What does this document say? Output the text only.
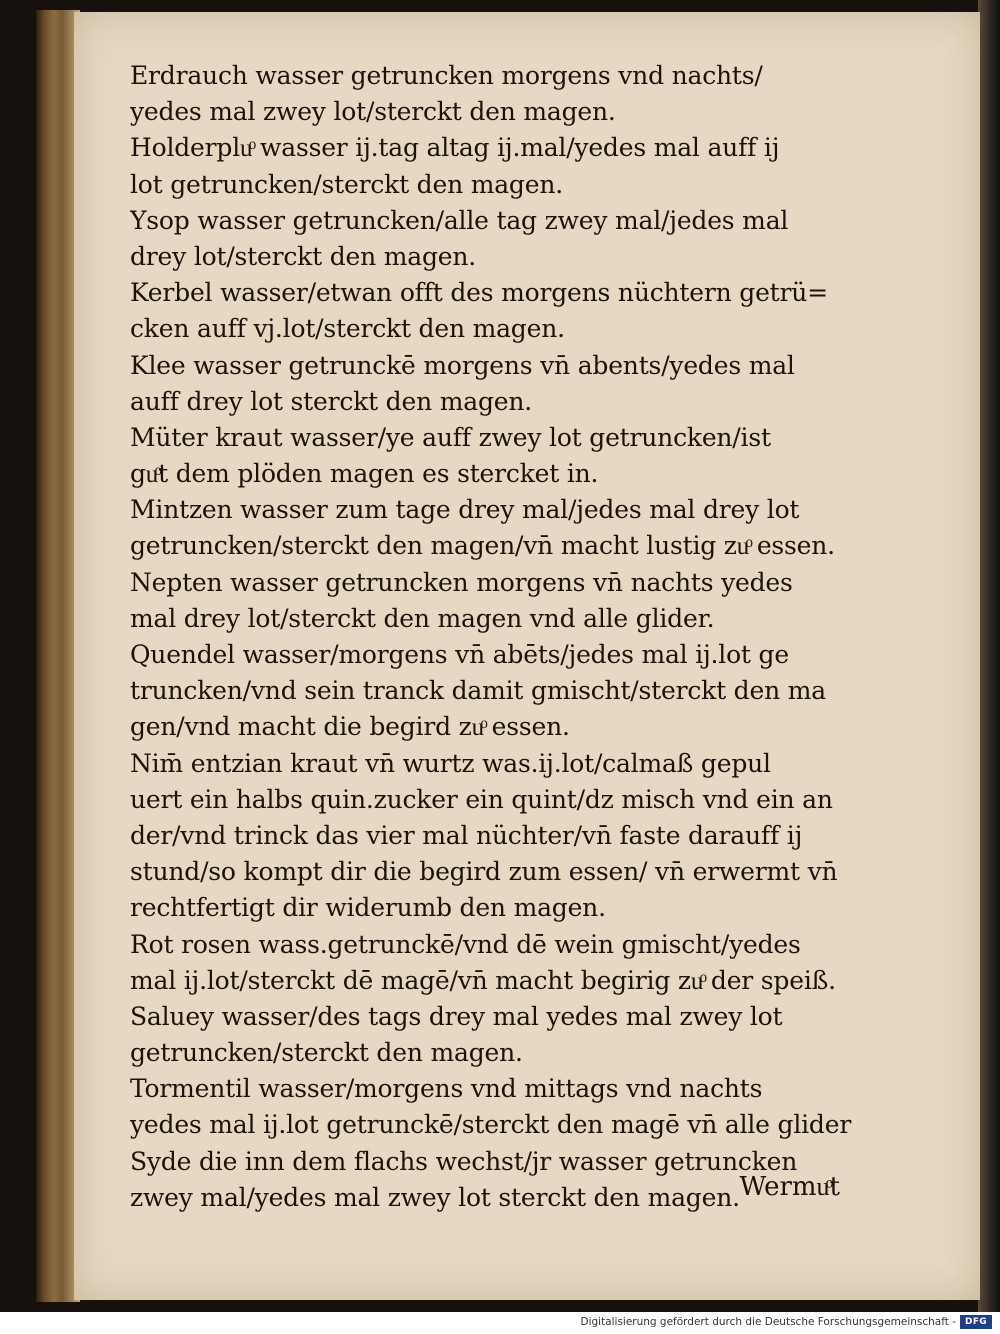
Erdrauch wasser getruncken morgens vnd nachts/
yedes mal zwey lot/sterckt den magen.
Holderpluͦ wasser ij.tag altag ij.mal/yedes mal auff ij
lot getruncken/sterckt den magen.
Ysop wasser getruncken/alle tag zwey mal/jedes mal
drey lot/sterckt den magen.
Kerbel wasser/etwan offt des morgens nüchtern getrü=
cken auff vj.lot/sterckt den magen.
Klee wasser getrunckē morgens vn̄ abents/yedes mal
auff drey lot sterckt den magen.
Müter kraut wasser/ye auff zwey lot getruncken/ist
guͦt dem plöden magen es stercket in.
Mintzen wasser zum tage drey mal/jedes mal drey lot
getruncken/sterckt den magen/vn̄ macht lustig zuͦ essen.
Nepten wasser getruncken morgens vn̄ nachts yedes
mal drey lot/sterckt den magen vnd alle glider.
Quendel wasser/morgens vn̄ abēts/jedes mal ij.lot ge
truncken/vnd sein tranck damit gmischt/sterckt den ma
gen/vnd macht die begird zuͦ essen.
Nim̄ entzian kraut vn̄ wurtz was.ij.lot/calmaß gepul
uert ein halbs quin.zucker ein quint/dz misch vnd ein an
der/vnd trinck das vier mal nüchter/vn̄ faste darauff ij
stund/so kompt dir die begird zum essen/ vn̄ erwermt vn̄
rechtfertigt dir widerumb den magen.
Rot rosen wass.getrunckē/vnd dē wein gmischt/yedes
mal ij.lot/sterckt dē magē/vn̄ macht begirig zuͦ der speiß.
Saluey wasser/des tags drey mal yedes mal zwey lot
getruncken/sterckt den magen.
Tormentil wasser/morgens vnd mittags vnd nachts
yedes mal ij.lot getrunckē/sterckt den magē vn̄ alle glider
Syde die inn dem flachs wechst/jr wasser getruncken
zwey mal/yedes mal zwey lot sterckt den magen. Wermuͦt
Digitalisierung gefördert durch die Deutsche Forschungsgemeinschaft -	DFG
